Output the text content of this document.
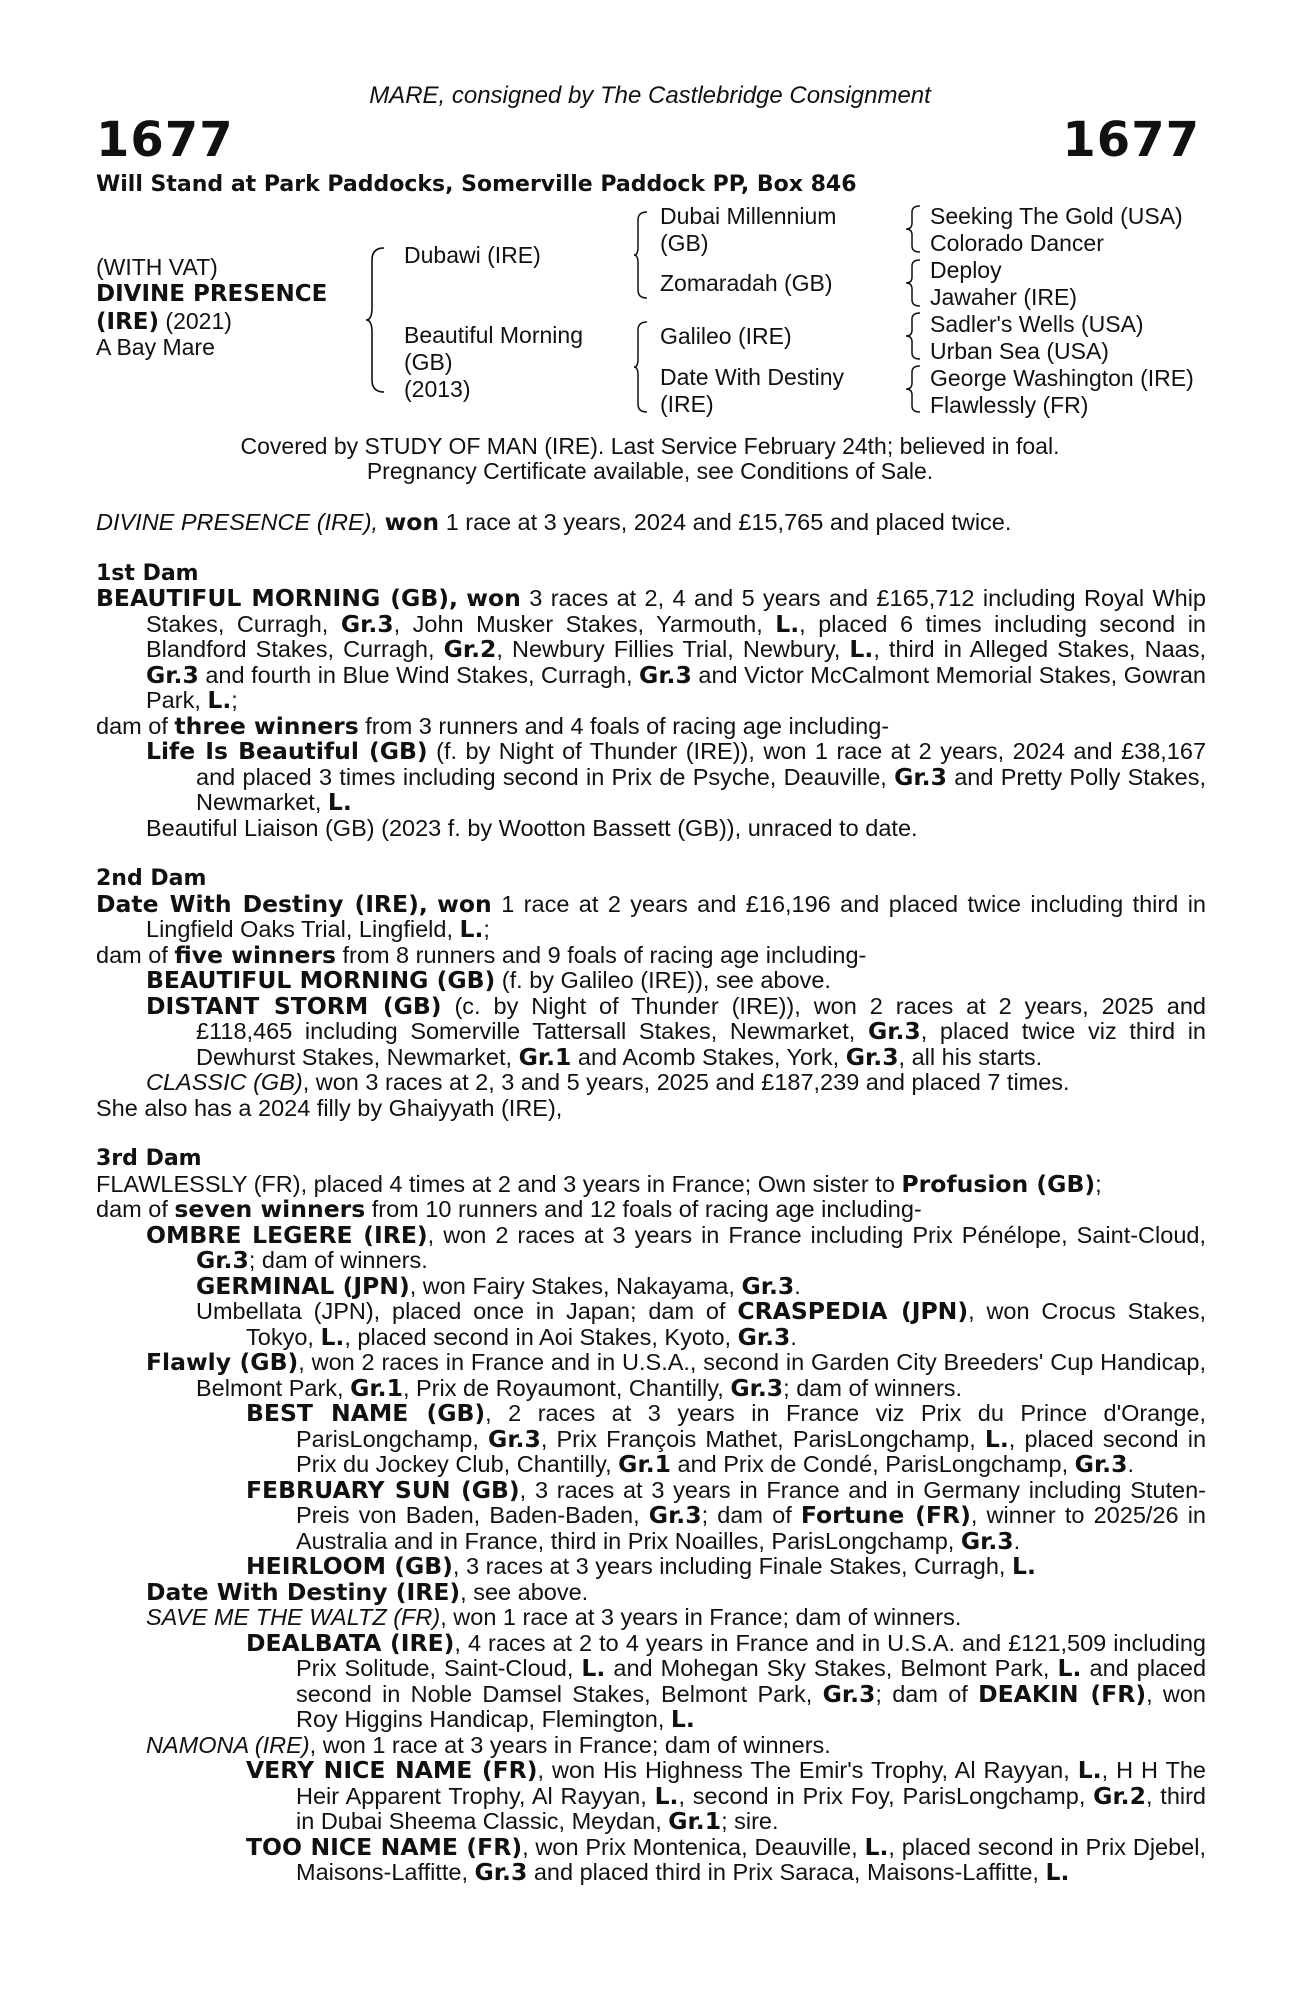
MARE, consigned by The Castlebridge Consignment
1677	1677
Will Stand at Park Paddocks, Somerville Paddock PP, Box 846
(WITH VAT)
DIVINE PRESENCE
(IRE) (2021)
A Bay Mare
Dubawi (IRE)
Beautiful Morning
(GB)
(2013)
Dubai Millennium
(GB)
Zomaradah (GB)
Galileo (IRE)
Date With Destiny
(IRE)
Seeking The Gold (USA)
Colorado Dancer
Deploy
Jawaher (IRE)
Sadler's Wells (USA)
Urban Sea (USA)
George Washington (IRE)
Flawlessly (FR)
Covered by STUDY OF MAN (IRE). Last Service February 24th; believed in foal.
Pregnancy Certificate available, see Conditions of Sale.

DIVINE PRESENCE (IRE), won 1 race at 3 years, 2024 and £15,765 and placed twice.

1st Dam

BEAUTIFUL MORNING (GB), won 3 races at 2, 4 and 5 years and £165,712 including Royal Whip Stakes, Curragh, Gr.3, John Musker Stakes, Yarmouth, L., placed 6 times including second in Blandford Stakes, Curragh, Gr.2, Newbury Fillies Trial, Newbury, L., third in Alleged Stakes, Naas, Gr.3 and fourth in Blue Wind Stakes, Curragh, Gr.3 and Victor McCalmont Memorial Stakes, Gowran Park, L.;

dam of three winners from 3 runners and 4 foals of racing age including-

Life Is Beautiful (GB) (f. by Night of Thunder (IRE)), won 1 race at 2 years, 2024 and £38,167 and placed 3 times including second in Prix de Psyche, Deauville, Gr.3 and Pretty Polly Stakes, Newmarket, L.

Beautiful Liaison (GB) (2023 f. by Wootton Bassett (GB)), unraced to date.

2nd Dam

Date With Destiny (IRE), won 1 race at 2 years and £16,196 and placed twice including third in Lingfield Oaks Trial, Lingfield, L.;

dam of five winners from 8 runners and 9 foals of racing age including-

BEAUTIFUL MORNING (GB) (f. by Galileo (IRE)), see above.

DISTANT STORM (GB) (c. by Night of Thunder (IRE)), won 2 races at 2 years, 2025 and £118,465 including Somerville Tattersall Stakes, Newmarket, Gr.3, placed twice viz third in Dewhurst Stakes, Newmarket, Gr.1 and Acomb Stakes, York, Gr.3, all his starts.

CLASSIC (GB), won 3 races at 2, 3 and 5 years, 2025 and £187,239 and placed 7 times.

She also has a 2024 filly by Ghaiyyath (IRE),

3rd Dam

FLAWLESSLY (FR), placed 4 times at 2 and 3 years in France; Own sister to Profusion (GB);

dam of seven winners from 10 runners and 12 foals of racing age including-

OMBRE LEGERE (IRE), won 2 races at 3 years in France including Prix Pénélope, Saint-Cloud, Gr.3; dam of winners.

GERMINAL (JPN), won Fairy Stakes, Nakayama, Gr.3.

Umbellata (JPN), placed once in Japan; dam of CRASPEDIA (JPN), won Crocus Stakes, Tokyo, L., placed second in Aoi Stakes, Kyoto, Gr.3.

Flawly (GB), won 2 races in France and in U.S.A., second in Garden City Breeders' Cup Handicap, Belmont Park, Gr.1, Prix de Royaumont, Chantilly, Gr.3; dam of winners.

BEST NAME (GB), 2 races at 3 years in France viz Prix du Prince d'Orange, ParisLongchamp, Gr.3, Prix François Mathet, ParisLongchamp, L., placed second in Prix du Jockey Club, Chantilly, Gr.1 and Prix de Condé, ParisLongchamp, Gr.3.

FEBRUARY SUN (GB), 3 races at 3 years in France and in Germany including Stuten-Preis von Baden, Baden-Baden, Gr.3; dam of Fortune (FR), winner to 2025/26 in Australia and in France, third in Prix Noailles, ParisLongchamp, Gr.3.

HEIRLOOM (GB), 3 races at 3 years including Finale Stakes, Curragh, L.

Date With Destiny (IRE), see above.

SAVE ME THE WALTZ (FR), won 1 race at 3 years in France; dam of winners.

DEALBATA (IRE), 4 races at 2 to 4 years in France and in U.S.A. and £121,509 including Prix Solitude, Saint-Cloud, L. and Mohegan Sky Stakes, Belmont Park, L. and placed second in Noble Damsel Stakes, Belmont Park, Gr.3; dam of DEAKIN (FR), won Roy Higgins Handicap, Flemington, L.

NAMONA (IRE), won 1 race at 3 years in France; dam of winners.

VERY NICE NAME (FR), won His Highness The Emir's Trophy, Al Rayyan, L., H H The Heir Apparent Trophy, Al Rayyan, L., second in Prix Foy, ParisLongchamp, Gr.2, third in Dubai Sheema Classic, Meydan, Gr.1; sire.

TOO NICE NAME (FR), won Prix Montenica, Deauville, L., placed second in Prix Djebel, Maisons-Laffitte, Gr.3 and placed third in Prix Saraca, Maisons-Laffitte, L.
